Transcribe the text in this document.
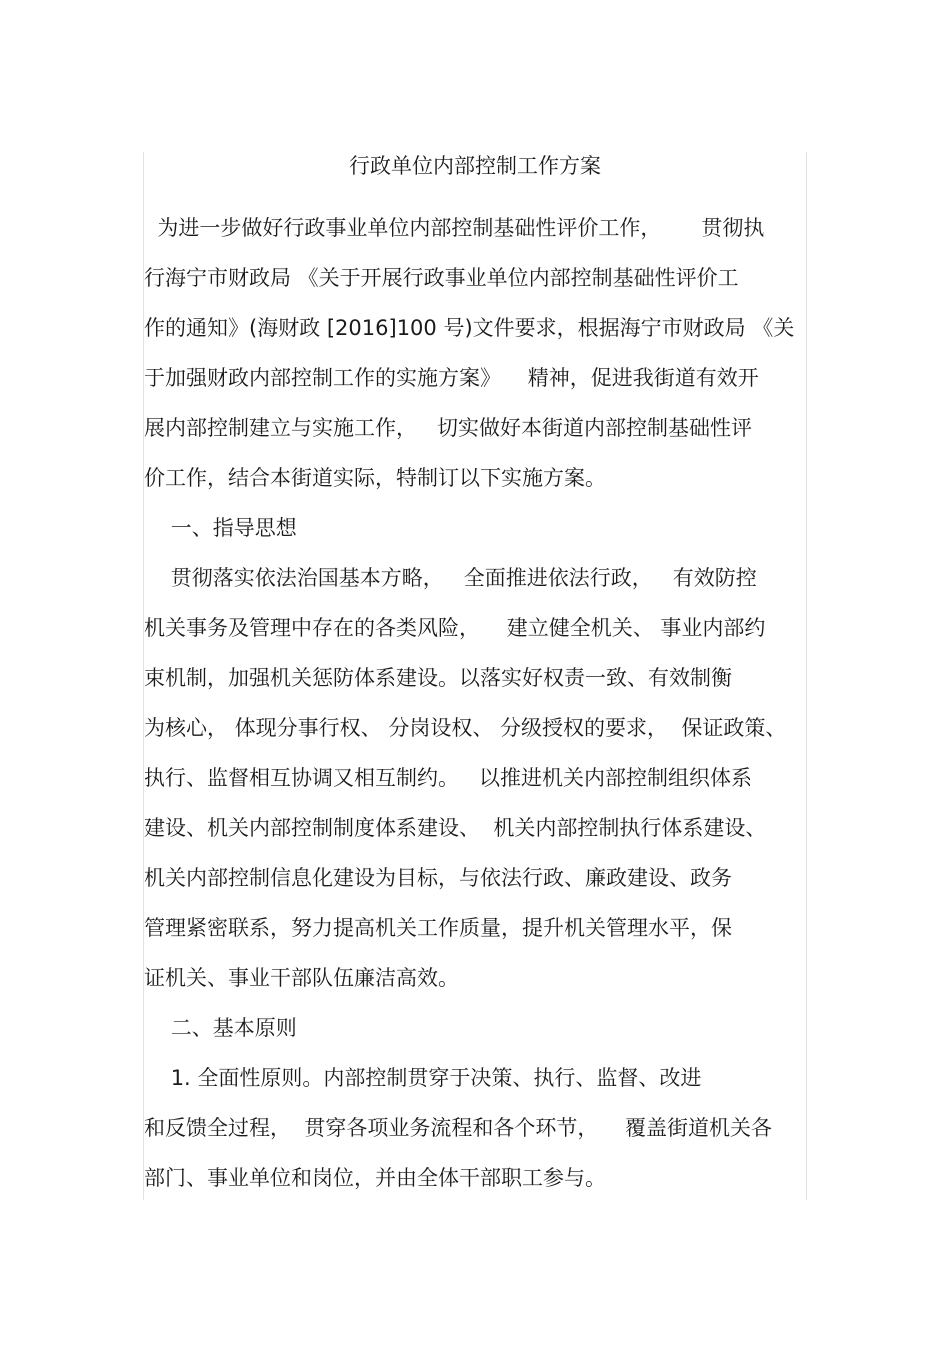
行政单位内部控制工作方案
为进一步做好行政事业单位内部控制基础性评价工作，      贯彻执
行海宁市财政局 《关于开展行政事业单位内部控制基础性评价工
作的通知》(海财政 [2016]100 号)文件要求，根据海宁市财政局 《关
于加强财政内部控制工作的实施方案》    精神，促进我街道有效开
展内部控制建立与实施工作，   切实做好本街道内部控制基础性评
价工作，结合本街道实际，特制订以下实施方案。
一、指导思想
贯彻落实依法治国基本方略，   全面推进依法行政，   有效防控
机关事务及管理中存在的各类风险，    建立健全机关、 事业内部约
束机制，加强机关惩防体系建设。以落实好权责一致、有效制衡
为核心， 体现分事行权、 分岗设权、 分级授权的要求，  保证政策、
执行、监督相互协调又相互制约。   以推进机关内部控制组织体系
建设、机关内部控制制度体系建设、  机关内部控制执行体系建设、
机关内部控制信息化建设为目标，与依法行政、廉政建设、政务
管理紧密联系，努力提高机关工作质量，提升机关管理水平，保
证机关、事业干部队伍廉洁高效。
二、基本原则
1. 全面性原则。内部控制贯穿于决策、执行、监督、改进
和反馈全过程，  贯穿各项业务流程和各个环节，    覆盖街道机关各
部门、事业单位和岗位，并由全体干部职工参与。
